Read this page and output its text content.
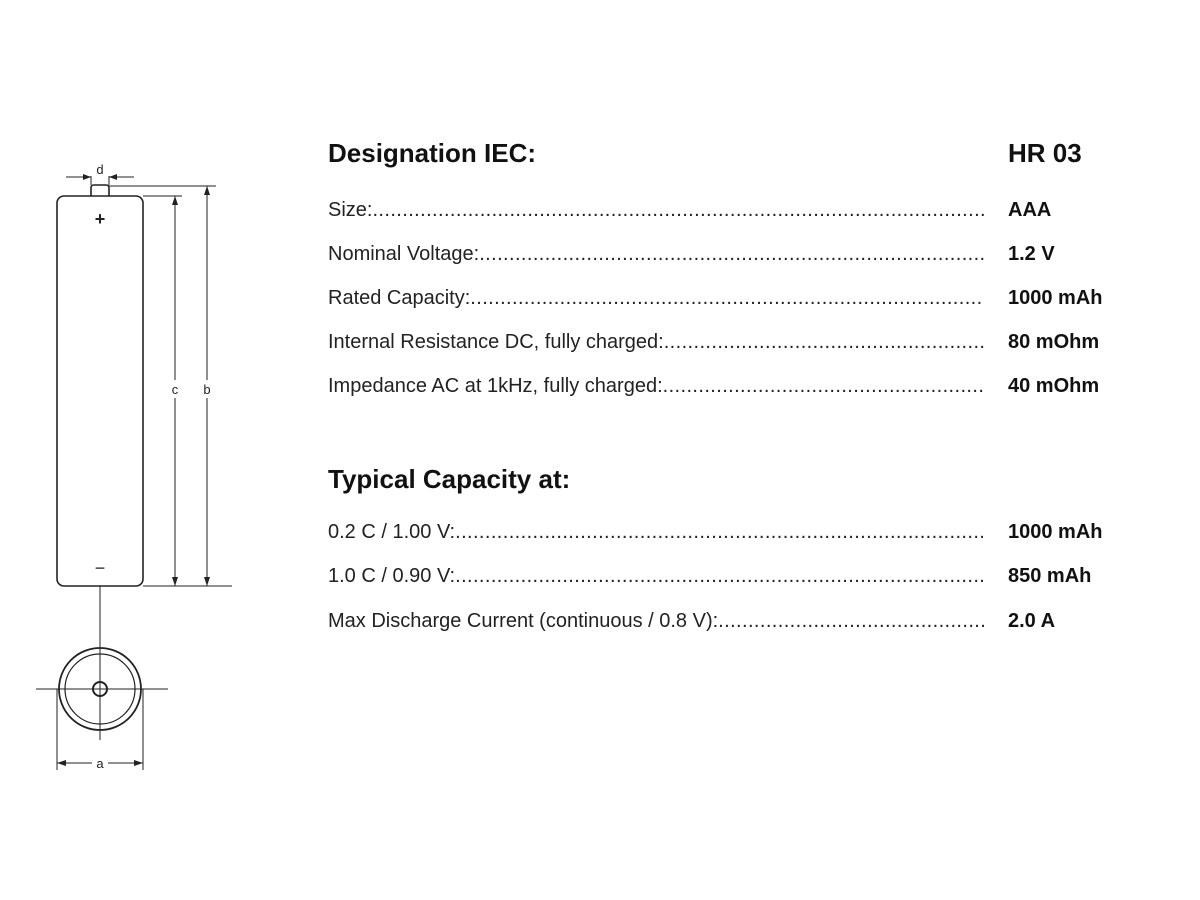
d
c b
a
+
−
Designation IEC:	HR 03
Size: .....	AAA
Nominal Voltage: .....	1.2 V
Rated Capacity: .....	1000 mAh
Internal Resistance DC, fully charged: .....	80 mOhm
Impedance AC at 1kHz, fully charged: .....	40 mOhm
Typical Capacity at:
0.2 C / 1.00 V: .....	1000 mAh
1.0 C / 0.90 V: .....	850 mAh
Max Discharge Current (continuous / 0.8 V): .....	2.0 A
